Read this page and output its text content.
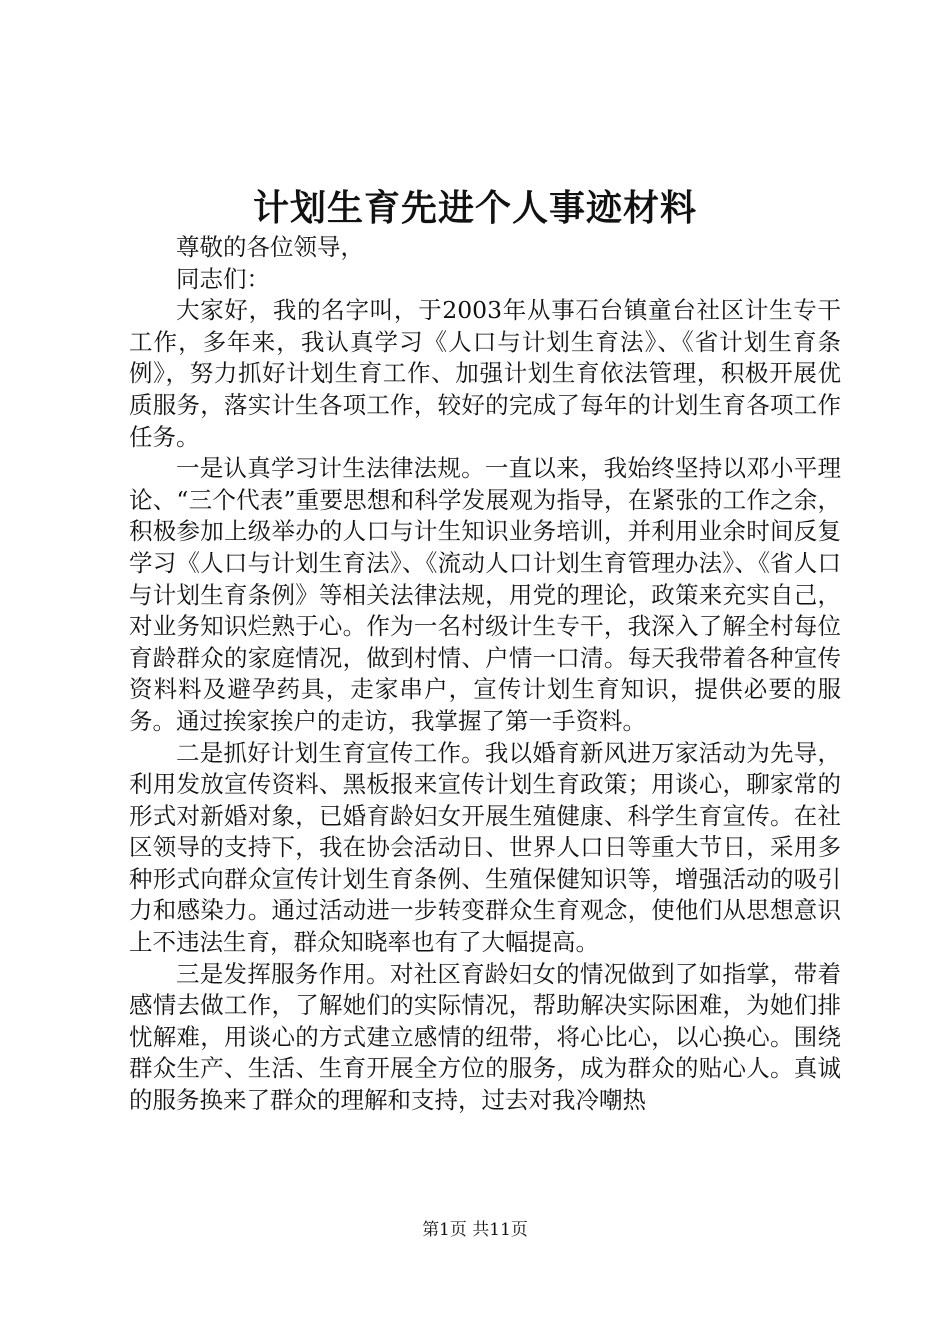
计划生育先进个人事迹材料

尊敬的各位领导，

同志们：

大家好，我的名字叫，于2003年从事石台镇童台社区计生专干工作，多年来，我认真学习《人口与计划生育法》、《省计划生育条例》，努力抓好计划生育工作、加强计划生育依法管理，积极开展优质服务，落实计生各项工作，较好的完成了每年的计划生育各项工作任务。

一是认真学习计生法律法规。一直以来，我始终坚持以邓小平理论、“三个代表”重要思想和科学发展观为指导，在紧张的工作之余，积极参加上级举办的人口与计生知识业务培训，并利用业余时间反复学习《人口与计划生育法》、《流动人口计划生育管理办法》、《省人口与计划生育条例》等相关法律法规，用党的理论，政策来充实自己，对业务知识烂熟于心。作为一名村级计生专干，我深入了解全村每位育龄群众的家庭情况，做到村情、户情一口清。每天我带着各种宣传资料料及避孕药具，走家串户，宣传计划生育知识，提供必要的服务。通过挨家挨户的走访，我掌握了第一手资料。

二是抓好计划生育宣传工作。我以婚育新风进万家活动为先导，利用发放宣传资料、黑板报来宣传计划生育政策；用谈心，聊家常的形式对新婚对象，已婚育龄妇女开展生殖健康、科学生育宣传。在社区领导的支持下，我在协会活动日、世界人口日等重大节日，采用多种形式向群众宣传计划生育条例、生殖保健知识等，增强活动的吸引力和感染力。通过活动进一步转变群众生育观念，使他们从思想意识上不违法生育，群众知晓率也有了大幅提高。

三是发挥服务作用。对社区育龄妇女的情况做到了如指掌，带着感情去做工作，了解她们的实际情况，帮助解决实际困难，为她们排忧解难，用谈心的方式建立感情的纽带，将心比心，以心换心。围绕群众生产、生活、生育开展全方位的服务，成为群众的贴心人。真诚的服务换来了群众的理解和支持，过去对我冷嘲热

第1页 共11页
